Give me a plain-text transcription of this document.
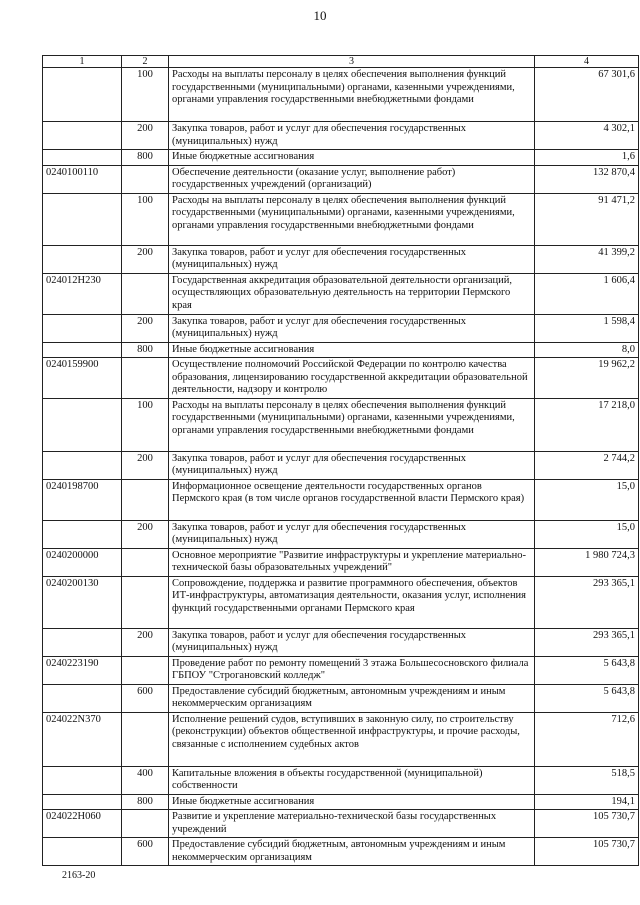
10
1	2	3	4
	100	Расходы на выплаты персоналу в целях обеспечения выполнения функций государственными (муниципальными) органами, казенными учреждениями, органами управления государственными внебюджетными фондами	67 301,6
	200	Закупка товаров, работ и услуг для обеспечения государственных (муниципальных) нужд	4 302,1
	800	Иные бюджетные ассигнования	1,6
0240100110		Обеспечение деятельности (оказание услуг, выполнение работ) государственных учреждений (организаций)	132 870,4
	100	Расходы на выплаты персоналу в целях обеспечения выполнения функций государственными (муниципальными) органами, казенными учреждениями, органами управления государственными внебюджетными фондами	91 471,2
	200	Закупка товаров, работ и услуг для обеспечения государственных (муниципальных) нужд	41 399,2
024012Н230		Государственная аккредитация образовательной деятельности организаций, осуществляющих образовательную деятельность на территории Пермского края	1 606,4
	200	Закупка товаров, работ и услуг для обеспечения государственных (муниципальных) нужд	1 598,4
	800	Иные бюджетные ассигнования	8,0
0240159900		Осуществление полномочий Российской Федерации по контролю качества образования, лицензированию государственной аккредитации образовательной деятельности, надзору и контролю	19 962,2
	100	Расходы на выплаты персоналу в целях обеспечения выполнения функций государственными (муниципальными) органами, казенными учреждениями, органами управления государственными внебюджетными фондами	17 218,0
	200	Закупка товаров, работ и услуг для обеспечения государственных (муниципальных) нужд	2 744,2
0240198700		Информационное освещение деятельности государственных органов Пермского края (в том числе органов государственной власти Пермского края)	15,0
	200	Закупка товаров, работ и услуг для обеспечения государственных (муниципальных) нужд	15,0
0240200000		Основное мероприятие "Развитие инфраструктуры и укрепление материально-технической базы образовательных учреждений"	1 980 724,3
0240200130		Сопровождение, поддержка и развитие программного обеспечения, объектов ИТ-инфраструктуры, автоматизация деятельности, оказания услуг, исполнения функций государственными органами Пермского края	293 365,1
	200	Закупка товаров, работ и услуг для обеспечения государственных (муниципальных) нужд	293 365,1
0240223190		Проведение работ по ремонту помещений 3 этажа Большесосновского филиала ГБПОУ "Строгановский колледж"	5 643,8
	600	Предоставление субсидий бюджетным, автономным учреждениям и иным некоммерческим организациям	5 643,8
024022N370		Исполнение решений судов, вступивших в законную силу, по строительству (реконструкции) объектов общественной инфраструктуры, и прочие расходы, связанные с исполнением судебных актов	712,6
	400	Капитальные вложения в объекты государственной (муниципальной) собственности	518,5
	800	Иные бюджетные ассигнования	194,1
024022Н060		Развитие и укрепление материально-технической базы государственных учреждений	105 730,7
	600	Предоставление субсидий бюджетным, автономным учреждениям и иным некоммерческим организациям	105 730,7
2163-20
